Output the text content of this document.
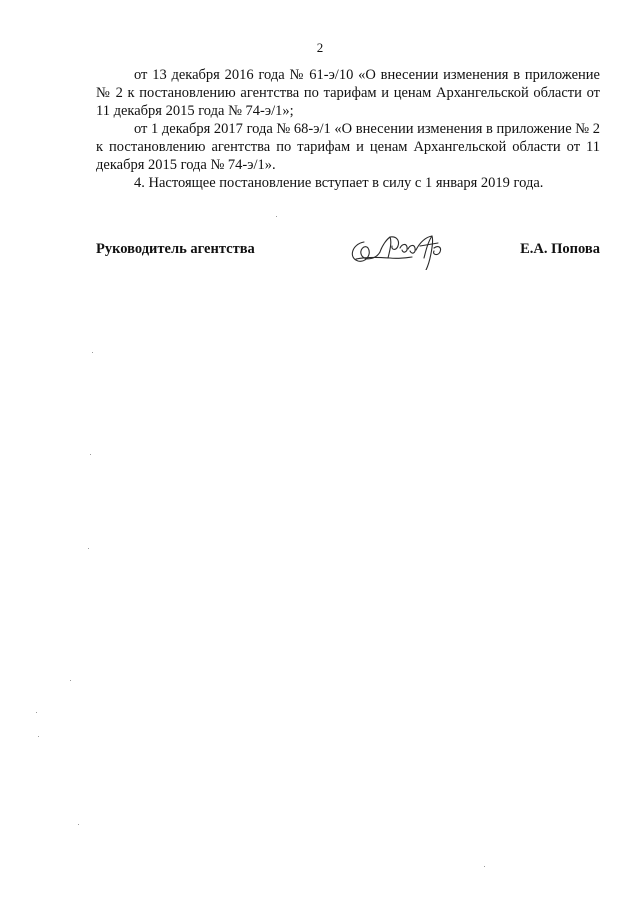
2

от 13 декабря 2016 года № 61-э/10 «О внесении изменения в приложение № 2 к постановлению агентства по тарифам и ценам Архангельской области от 11 декабря 2015 года № 74-э/1»;

от 1 декабря 2017 года № 68-э/1 «О внесении изменения в приложение № 2 к постановлению агентства по тарифам и ценам Архангельской области от 11 декабря 2015 года № 74-э/1».

4. Настоящее постановление вступает в силу с 1 января 2019 года.

Руководитель агентства	Е.А. Попова
